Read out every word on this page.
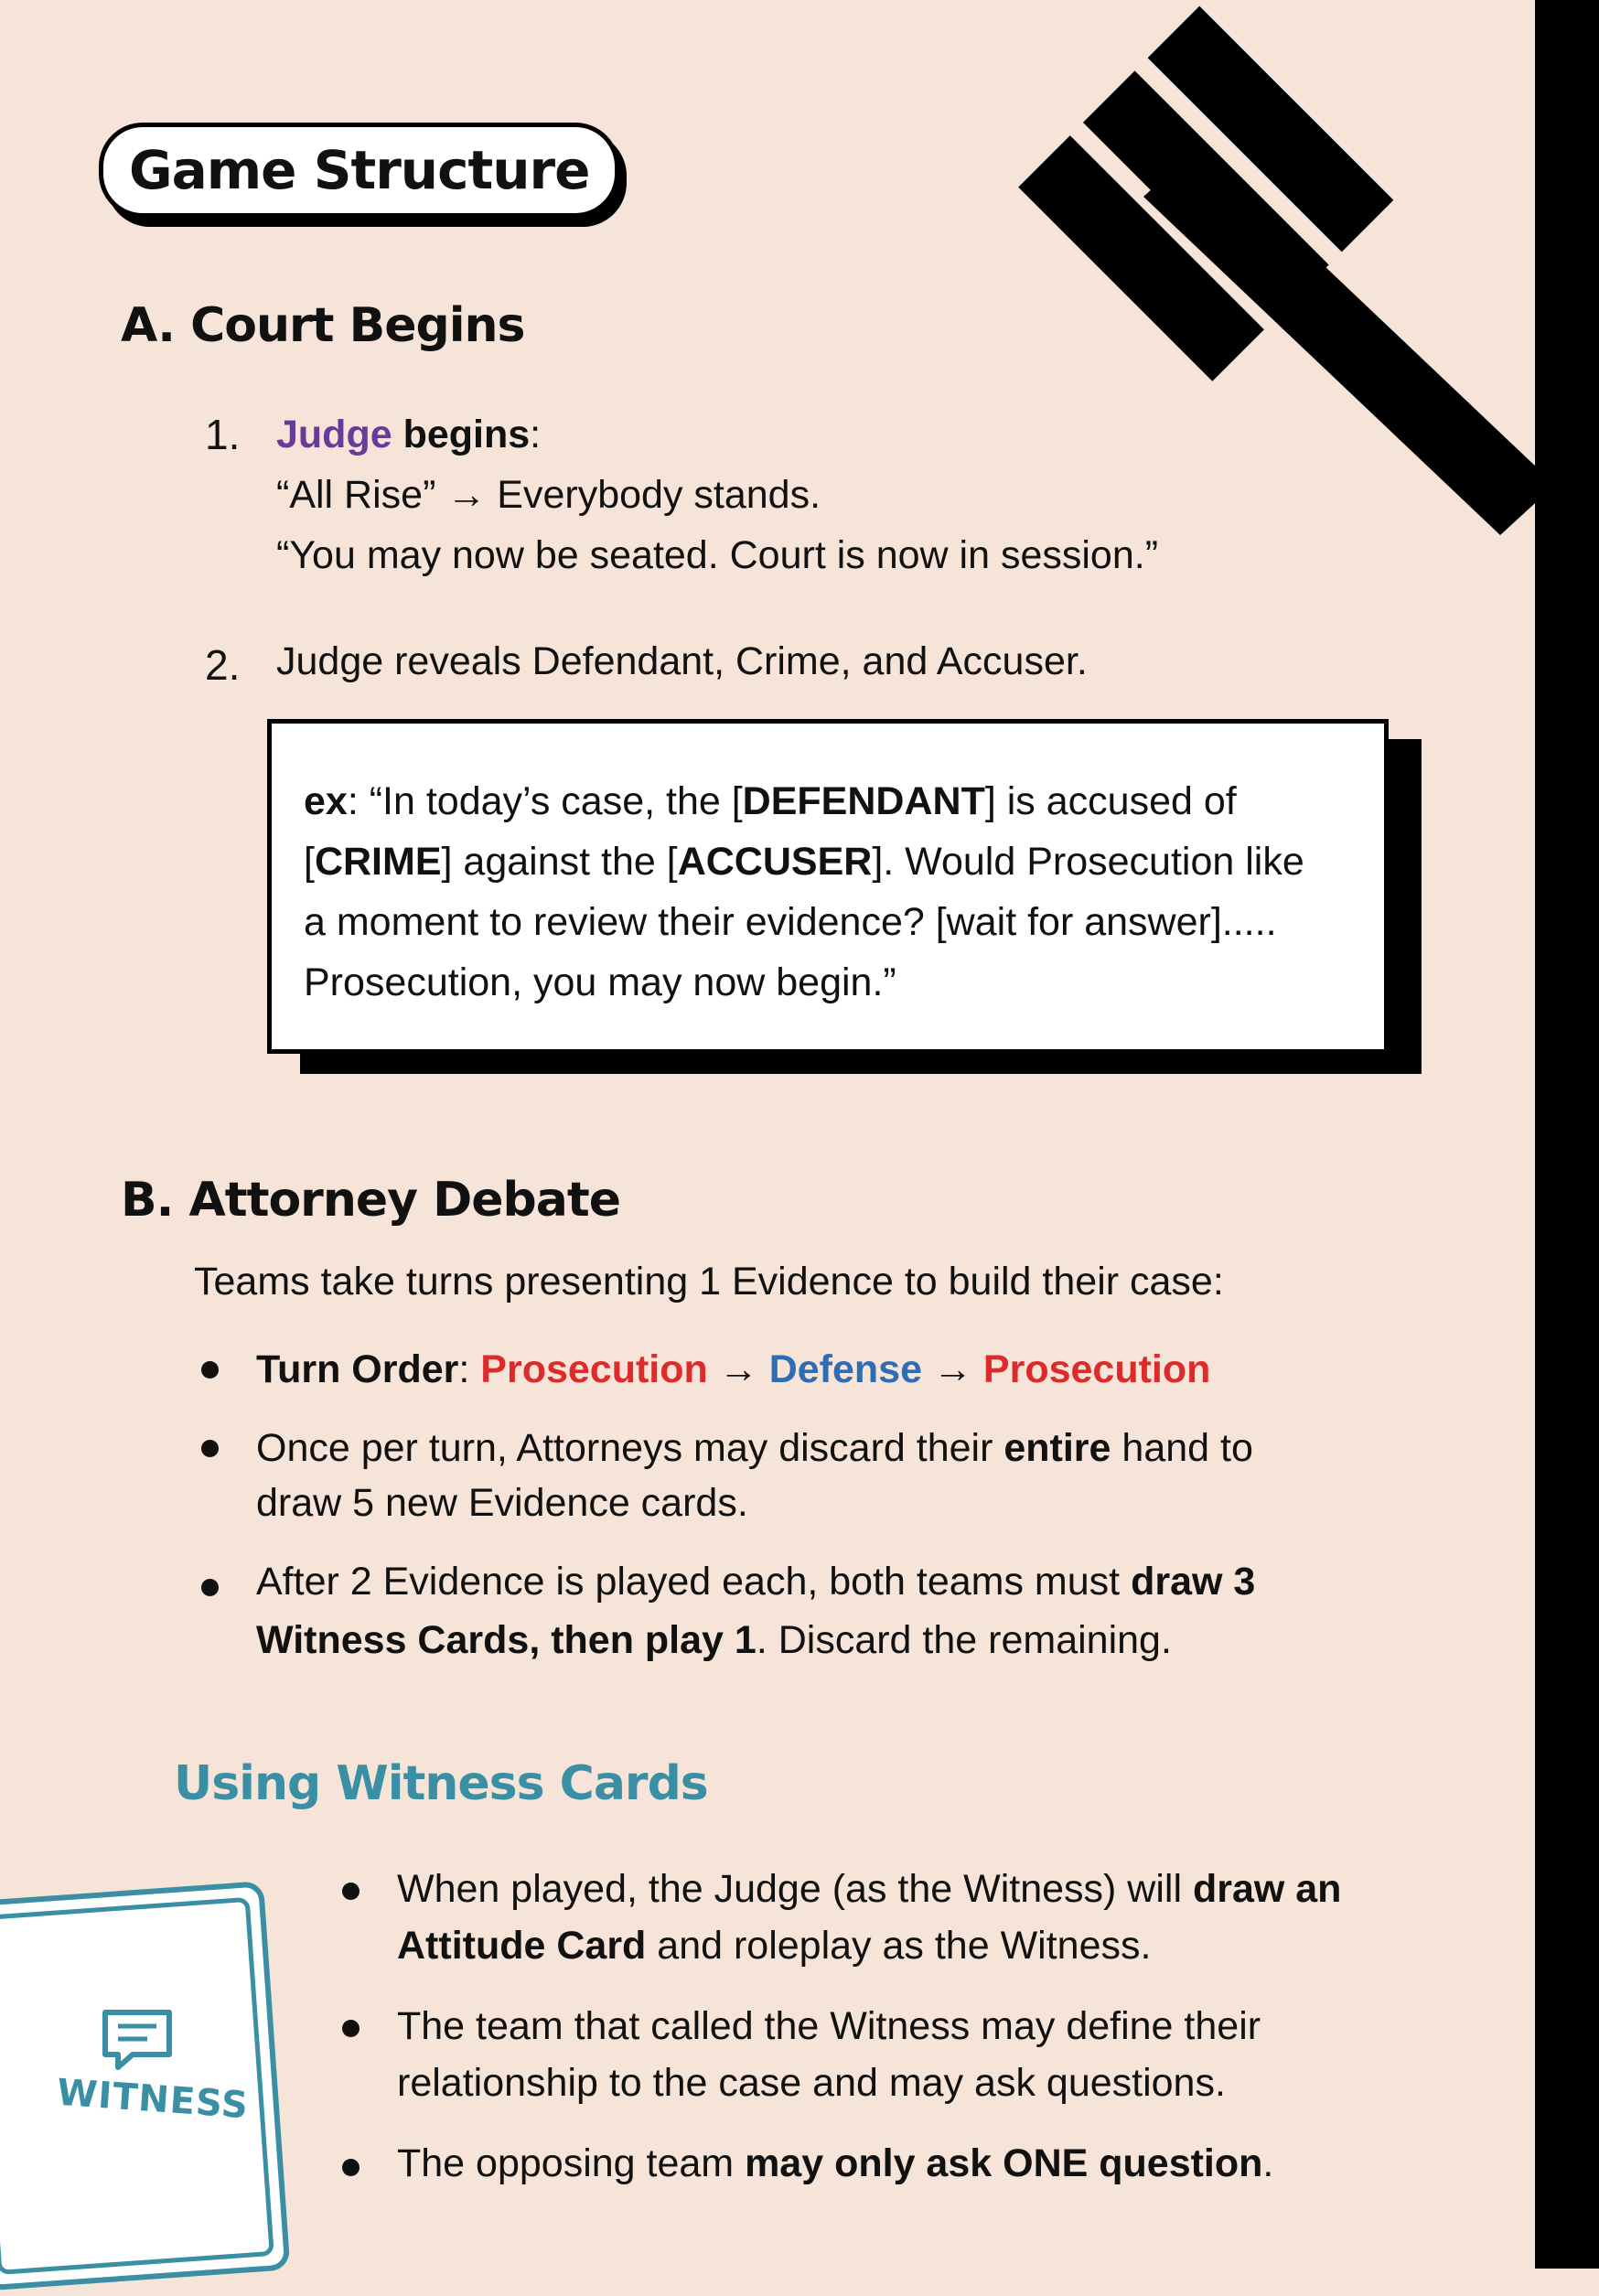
Game Structure
A. Court Begins
1. Judge begins:
“All Rise” → Everybody stands.
“You may now be seated. Court is now in session.”
2. Judge reveals Defendant, Crime, and Accuser.
ex: “In today’s case, the [DEFENDANT] is accused of
[CRIME] against the [ACCUSER]. Would Prosecution like
a moment to review their evidence? [wait for answer].....
Prosecution, you may now begin.”
B. Attorney Debate
Teams take turns presenting 1 Evidence to build their case:
Turn Order: Prosecution → Defense → Prosecution
Once per turn, Attorneys may discard their entire hand to
draw 5 new Evidence cards.
After 2 Evidence is played each, both teams must draw 3
Witness Cards, then play 1. Discard the remaining.
Using Witness Cards
WITNESS
When played, the Judge (as the Witness) will draw an
Attitude Card and roleplay as the Witness.
The team that called the Witness may define their
relationship to the case and may ask questions.
The opposing team may only ask ONE question.
